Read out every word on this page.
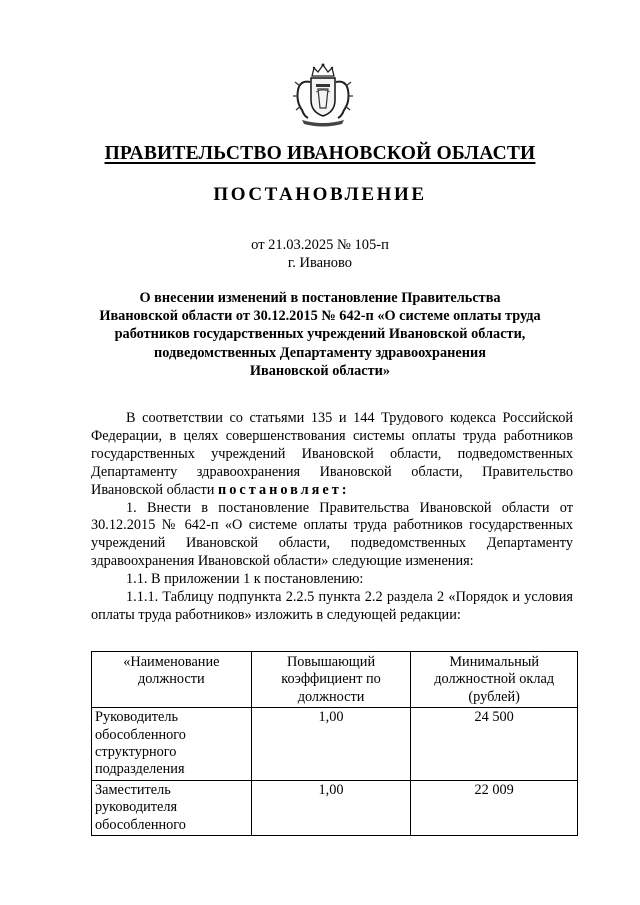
ПРАВИТЕЛЬСТВО ИВАНОВСКОЙ ОБЛАСТИ
ПОСТАНОВЛЕНИЕ
от 21.03.2025 № 105-п
г. Иваново
О внесении изменений в постановление Правительства
Ивановской области от 30.12.2015 № 642-п «О системе оплаты труда
работников государственных учреждений Ивановской области,
подведомственных Департаменту здравоохранения
Ивановской области»

В соответствии со статьями 135 и 144 Трудового кодекса Российской Федерации, в целях совершенствования системы оплаты труда работников государственных учреждений Ивановской области, подведомственных Департаменту здравоохранения Ивановской области, Правительство Ивановской области постановляет:

1. Внести в постановление Правительства Ивановской области от 30.12.2015 № 642-п «О системе оплаты труда работников государственных учреждений Ивановской области, подведомственных Департаменту здравоохранения Ивановской области» следующие изменения:

1.1. В приложении 1 к постановлению:

1.1.1. Таблицу подпункта 2.2.5 пункта 2.2 раздела 2 «Порядок и условия оплаты труда работников» изложить в следующей редакции:

«Наименование должности	Повышающий коэффициент по должности	Минимальный должностной оклад (рублей)
Руководитель обособленного структурного подразделения	1,00	24 500
Заместитель руководителя обособленного	1,00	22 009
